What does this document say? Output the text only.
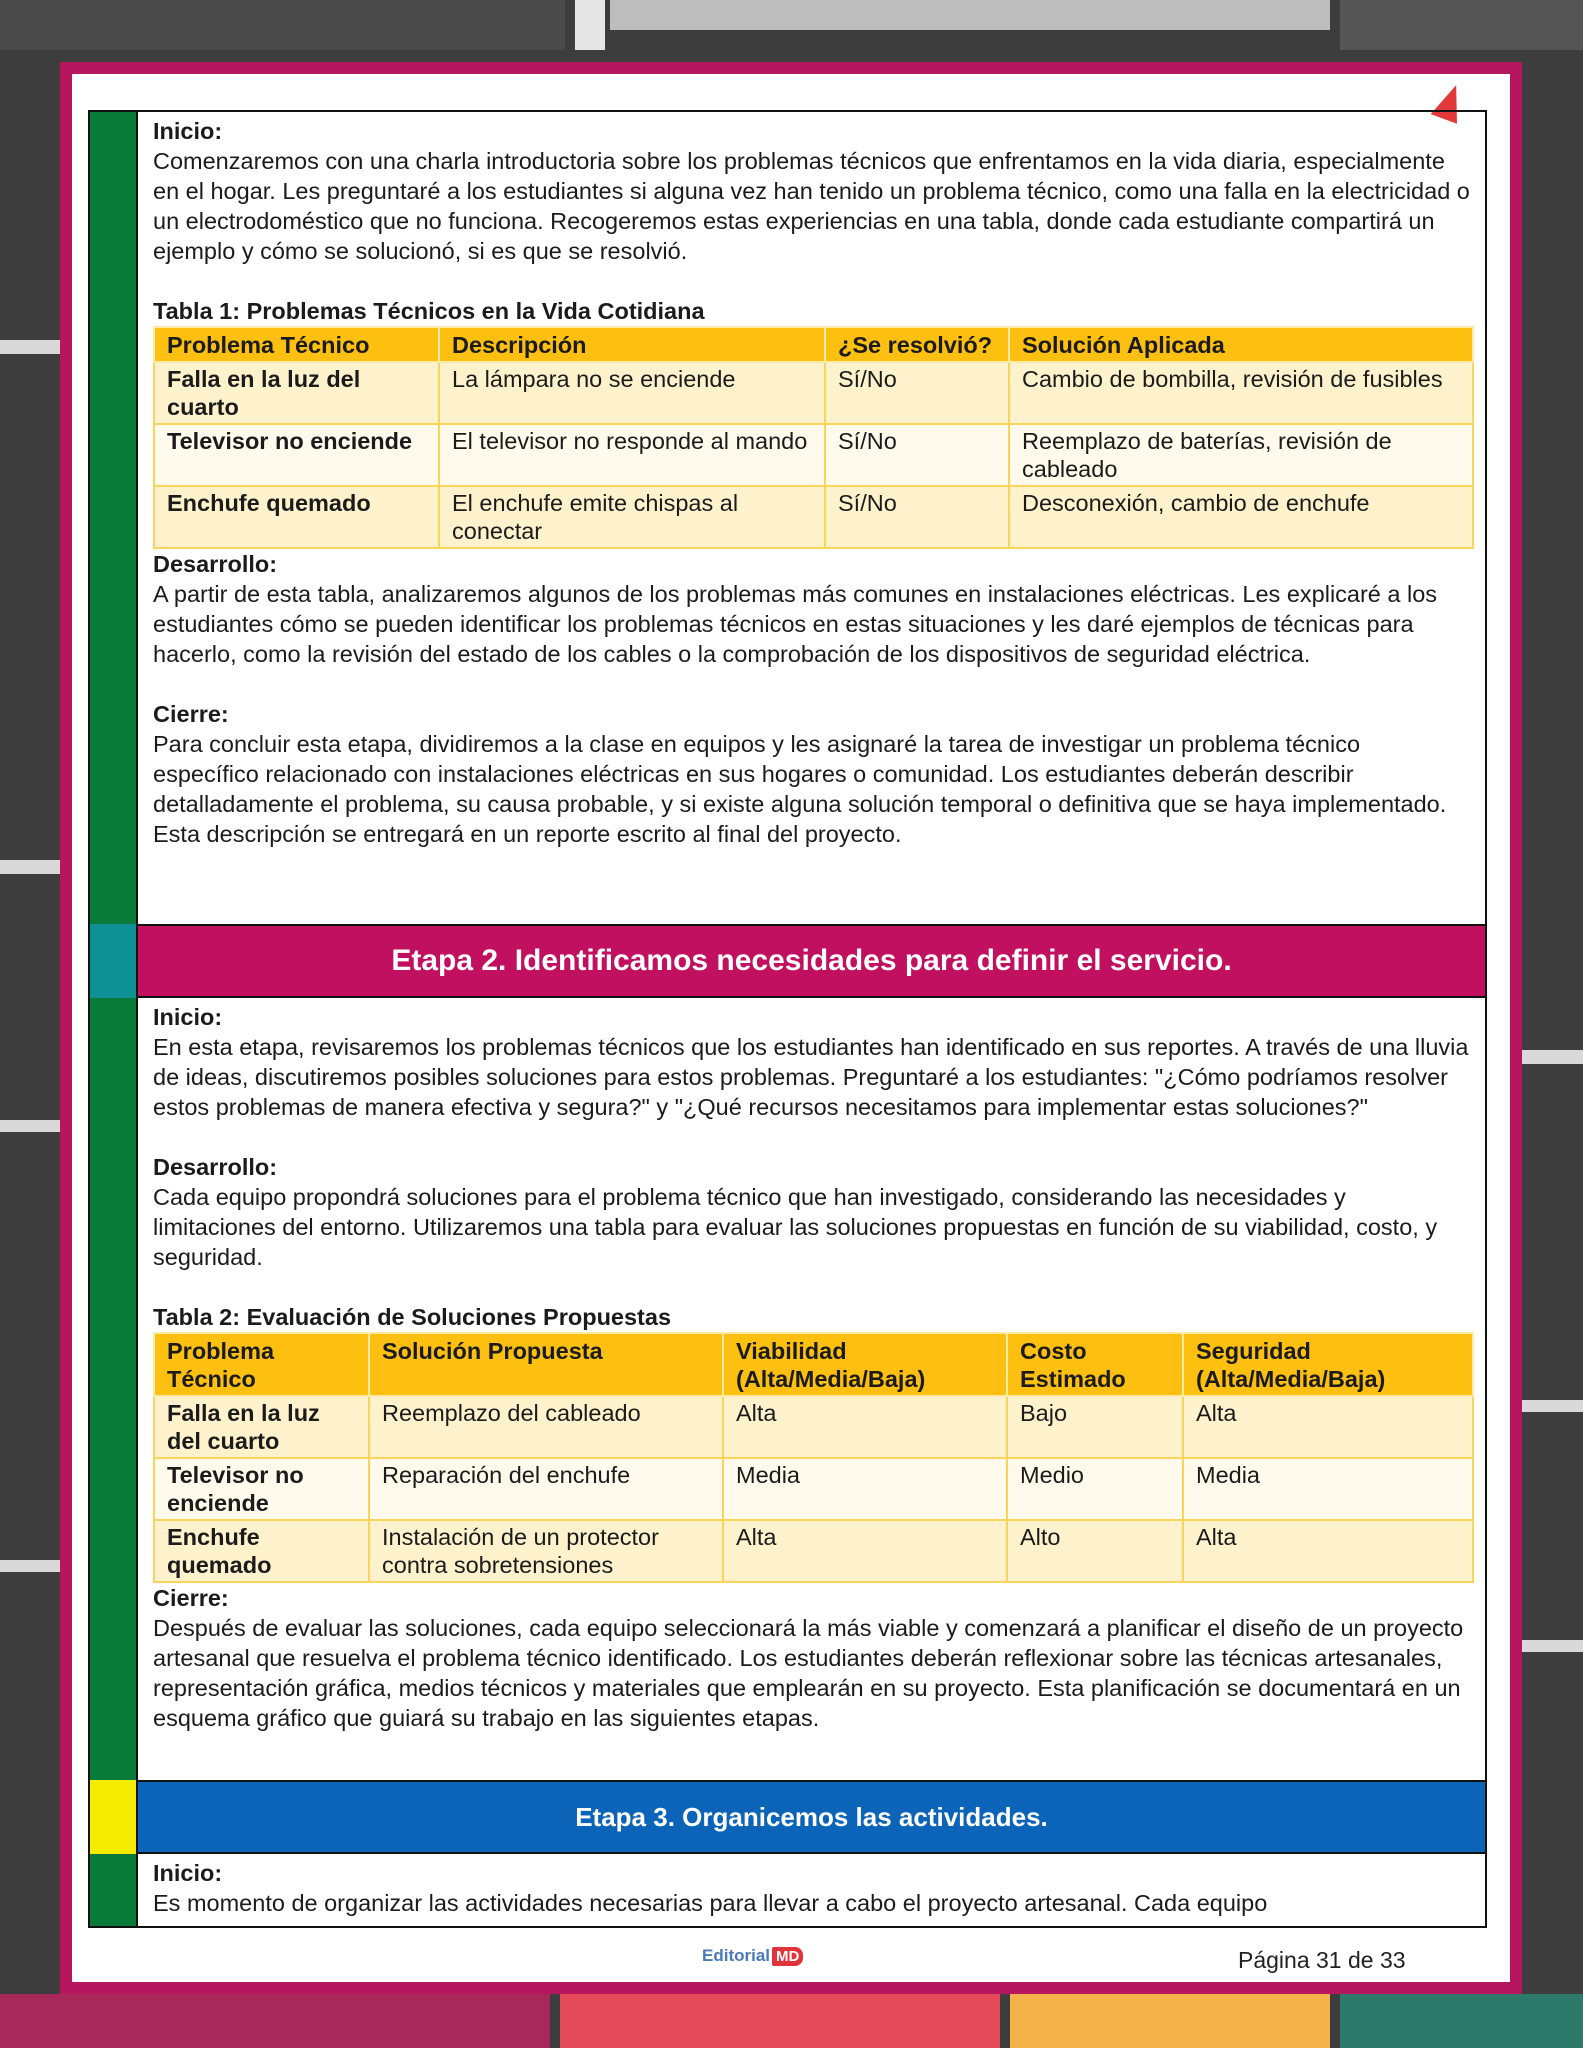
Inicio:

Comenzaremos con una charla introductoria sobre los problemas técnicos que enfrentamos en la vida diaria, especialmente en el hogar. Les preguntaré a los estudiantes si alguna vez han tenido un problema técnico, como una falla en la electricidad o un electrodoméstico que no funciona. Recogeremos estas experiencias en una tabla, donde cada estudiante compartirá un ejemplo y cómo se solucionó, si es que se resolvió.

Tabla 1: Problemas Técnicos en la Vida Cotidiana

Problema Técnico	Descripción	¿Se resolvió?	Solución Aplicada
Falla en la luz del cuarto	La lámpara no se enciende	Sí/No	Cambio de bombilla, revisión de fusibles
Televisor no enciende	El televisor no responde al mando	Sí/No	Reemplazo de baterías, revisión de cableado
Enchufe quemado	El enchufe emite chispas al conectar	Sí/No	Desconexión, cambio de enchufe

Desarrollo:

A partir de esta tabla, analizaremos algunos de los problemas más comunes en instalaciones eléctricas. Les explicaré a los estudiantes cómo se pueden identificar los problemas técnicos en estas situaciones y les daré ejemplos de técnicas para hacerlo, como la revisión del estado de los cables o la comprobación de los dispositivos de seguridad eléctrica.

Cierre:

Para concluir esta etapa, dividiremos a la clase en equipos y les asignaré la tarea de investigar un problema técnico específico relacionado con instalaciones eléctricas en sus hogares o comunidad. Los estudiantes deberán describir detalladamente el problema, su causa probable, y si existe alguna solución temporal o definitiva que se haya implementado. Esta descripción se entregará en un reporte escrito al final del proyecto.

Etapa 2. Identificamos necesidades para definir el servicio.

Inicio:

En esta etapa, revisaremos los problemas técnicos que los estudiantes han identificado en sus reportes. A través de una lluvia de ideas, discutiremos posibles soluciones para estos problemas. Preguntaré a los estudiantes: "¿Cómo podríamos resolver estos problemas de manera efectiva y segura?" y "¿Qué recursos necesitamos para implementar estas soluciones?"

Desarrollo:

Cada equipo propondrá soluciones para el problema técnico que han investigado, considerando las necesidades y limitaciones del entorno. Utilizaremos una tabla para evaluar las soluciones propuestas en función de su viabilidad, costo, y seguridad.

Tabla 2: Evaluación de Soluciones Propuestas

Problema Técnico	Solución Propuesta	Viabilidad (Alta/Media/Baja)	Costo Estimado	Seguridad (Alta/Media/Baja)
Falla en la luz del cuarto	Reemplazo del cableado	Alta	Bajo	Alta
Televisor no enciende	Reparación del enchufe	Media	Medio	Media
Enchufe quemado	Instalación de un protector contra sobretensiones	Alta	Alto	Alta

Cierre:

Después de evaluar las soluciones, cada equipo seleccionará la más viable y comenzará a planificar el diseño de un proyecto artesanal que resuelva el problema técnico identificado. Los estudiantes deberán reflexionar sobre las técnicas artesanales, representación gráfica, medios técnicos y materiales que emplearán en su proyecto. Esta planificación se documentará en un esquema gráfico que guiará su trabajo en las siguientes etapas.

Etapa 3. Organicemos las actividades.

Inicio:

Es momento de organizar las actividades necesarias para llevar a cabo el proyecto artesanal. Cada equipo

Editorial MD	Página 31 de 33
